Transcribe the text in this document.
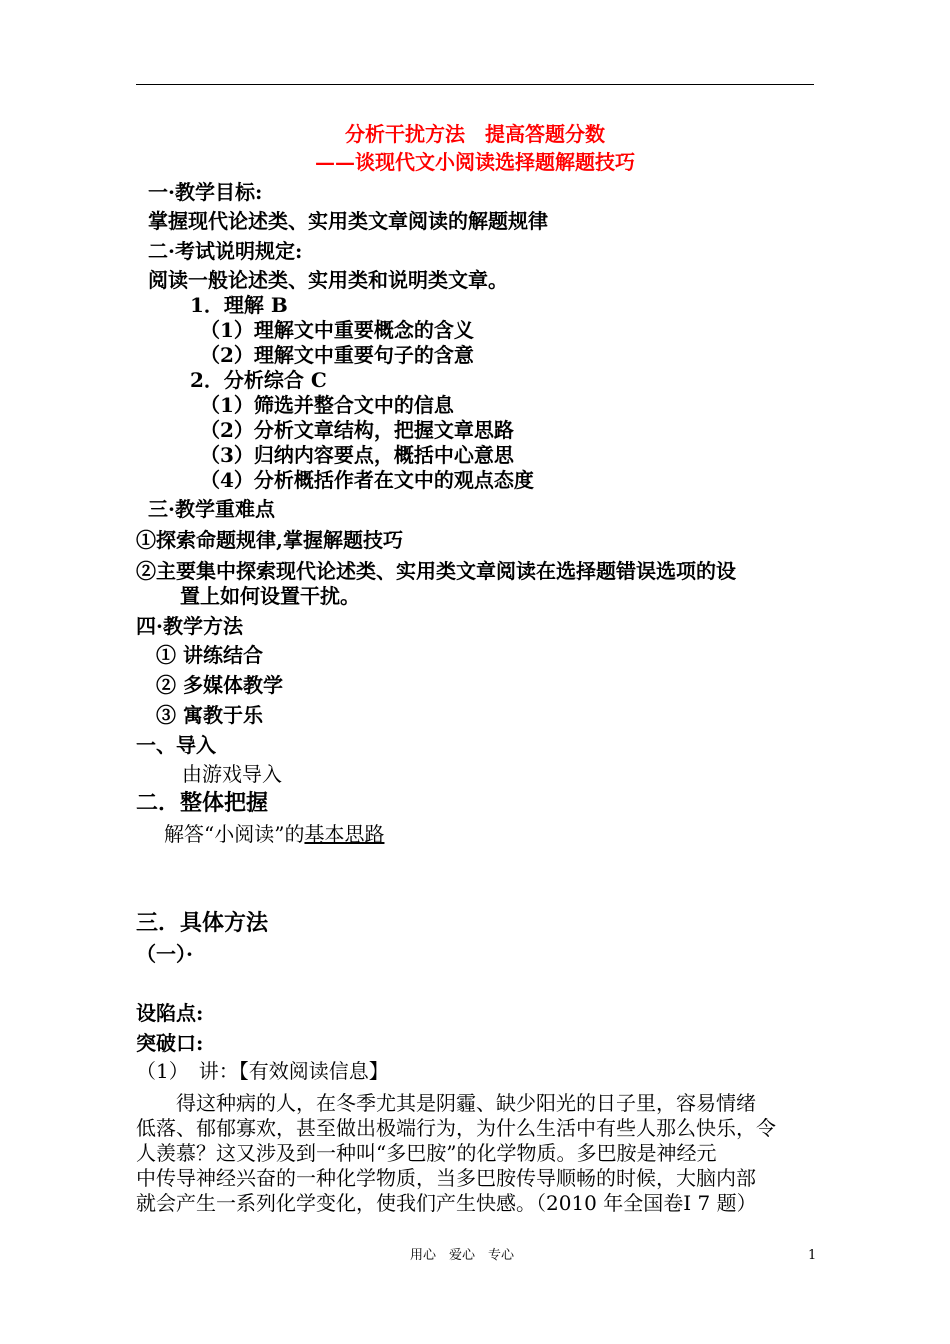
分析干扰方法　提高答题分数
——谈现代文小阅读选择题解题技巧
一·教学目标:
掌握现代论述类、实用类文章阅读的解题规律
二·考试说明规定:
阅读一般论述类、实用类和说明类文章。
1．理解 B
（1）理解文中重要概念的含义
（2）理解文中重要句子的含意
2．分析综合 C
（1）筛选并整合文中的信息
（2）分析文章结构，把握文章思路
（3）归纳内容要点，概括中心意思
（4）分析概括作者在文中的观点态度
三·教学重难点
①探索命题规律,掌握解题技巧
②主要集中探索现代论述类、实用类文章阅读在选择题错误选项的设
置上如何设置干扰。
四·教学方法
① 讲练结合
② 多媒体教学
③ 寓教于乐
一、导入
由游戏导入
二．整体把握
解答“小阅读”的基本思路
三．具体方法
（一）·
设陷点:
突破口:
（1）　讲：【有效阅读信息】
　　得这种病的人，在冬季尤其是阴霾、缺少阳光的日子里，容易情绪
低落、郁郁寡欢，甚至做出极端行为，为什么生活中有些人那么快乐，令
人羡慕？这又涉及到一种叫“多巴胺”的化学物质。多巴胺是神经元
中传导神经兴奋的一种化学物质，当多巴胺传导顺畅的时候，大脑内部
就会产生一系列化学变化，使我们产生快感。（2010 年全国卷Ⅰ 7 题）
用心　爱心　专心	1
